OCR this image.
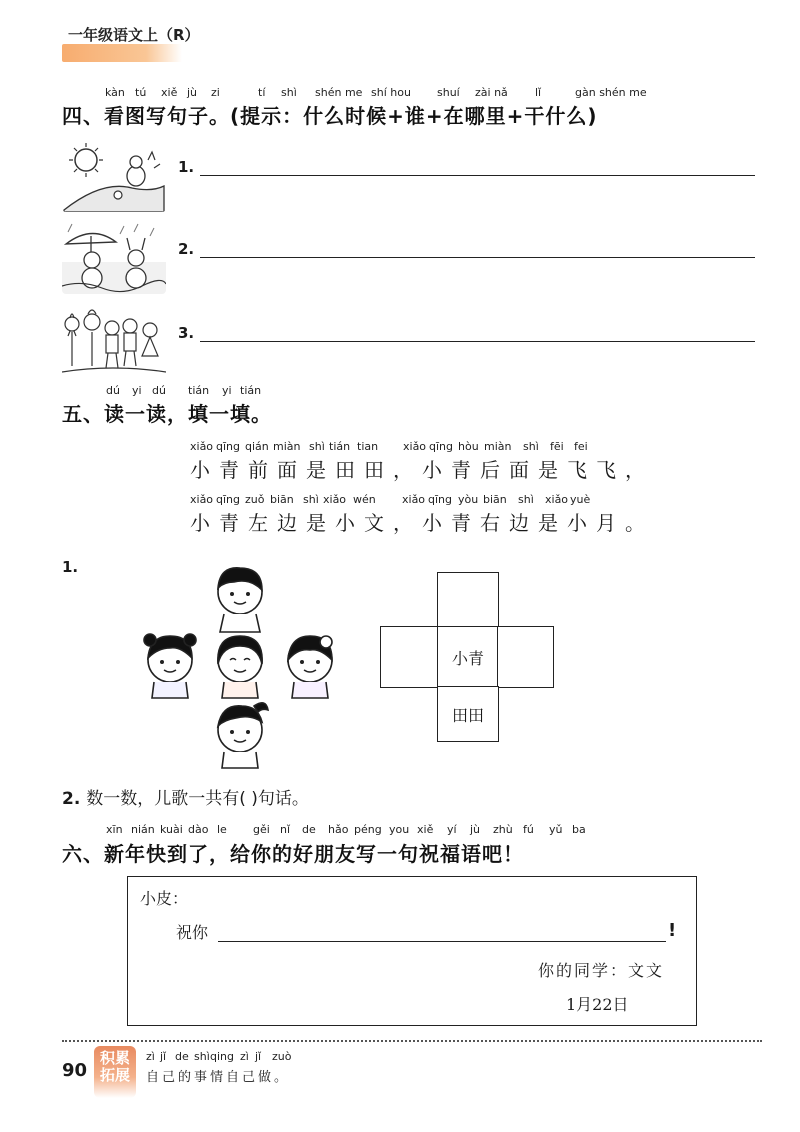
一年级语文上（R）
kàn tú xiě jù zi	tí shì shén me shí hou shuí zài nǎ lǐ	gàn shén me
四、看图写句子。(提示：什么时候+谁+在哪里+干什么)
1.
2.
3.
dú yi dú tián yi tián
五、读一读，填一填。
xiǎo qīng qián miàn shì tián tian xiǎo qīng hòu miàn shì fēi fei
小青前面是田田，小青后面是飞飞，
xiǎo qīng zuǒ biān shì xiǎo wén xiǎo qīng yòu biān shì xiǎo yuè
小青左边是小文，小青右边是小月。
1.
小青
田田
2. 数一数，儿歌一共有( )句话。
xīn nián kuài dào le gěi nǐ de hǎo péng you xiě yí jù zhù fú yǔ ba
六、新年快到了，给你的好朋友写一句祝福语吧！
小皮：
祝你	!
你的同学：文文
1月22日
90
积累拓展
zì jǐ de shì qing zì jǐ zuò
自己的事情自己做。
